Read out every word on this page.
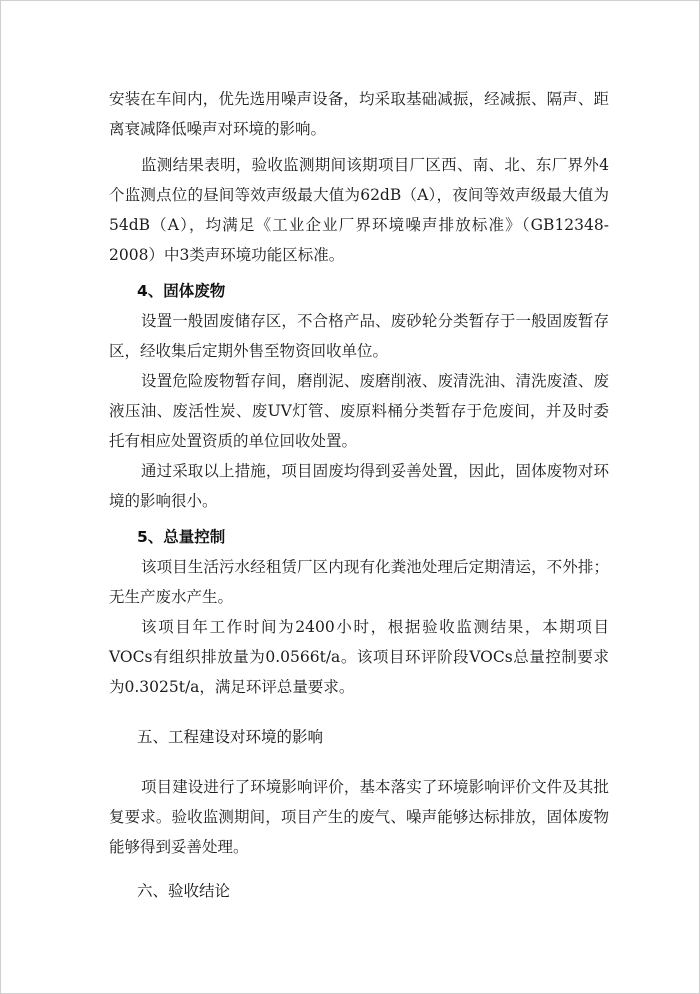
安装在车间内，优先选用噪声设备，均采取基础减振，经减振、隔声、距离衰减降低噪声对环境的影响。

监测结果表明，验收监测期间该期项目厂区西、南、北、东厂界外4个监测点位的昼间等效声级最大值为62dB（A），夜间等效声级最大值为54dB（A），均满足《工业企业厂界环境噪声排放标准》（GB12348-2008）中3类声环境功能区标准。

4、固体废物

设置一般固废储存区，不合格产品、废砂轮分类暂存于一般固废暂存区，经收集后定期外售至物资回收单位。

设置危险废物暂存间，磨削泥、废磨削液、废清洗油、清洗废渣、废液压油、废活性炭、废UV灯管、废原料桶分类暂存于危废间，并及时委托有相应处置资质的单位回收处置。

通过采取以上措施，项目固废均得到妥善处置，因此，固体废物对环境的影响很小。

5、总量控制

该项目生活污水经租赁厂区内现有化粪池处理后定期清运，不外排；无生产废水产生。

该项目年工作时间为2400小时，根据验收监测结果，本期项目VOCs有组织排放量为0.0566t/a。该项目环评阶段VOCs总量控制要求为0.3025t/a，满足环评总量要求。

五、工程建设对环境的影响

项目建设进行了环境影响评价，基本落实了环境影响评价文件及其批复要求。验收监测期间，项目产生的废气、噪声能够达标排放，固体废物能够得到妥善处理。

六、验收结论
